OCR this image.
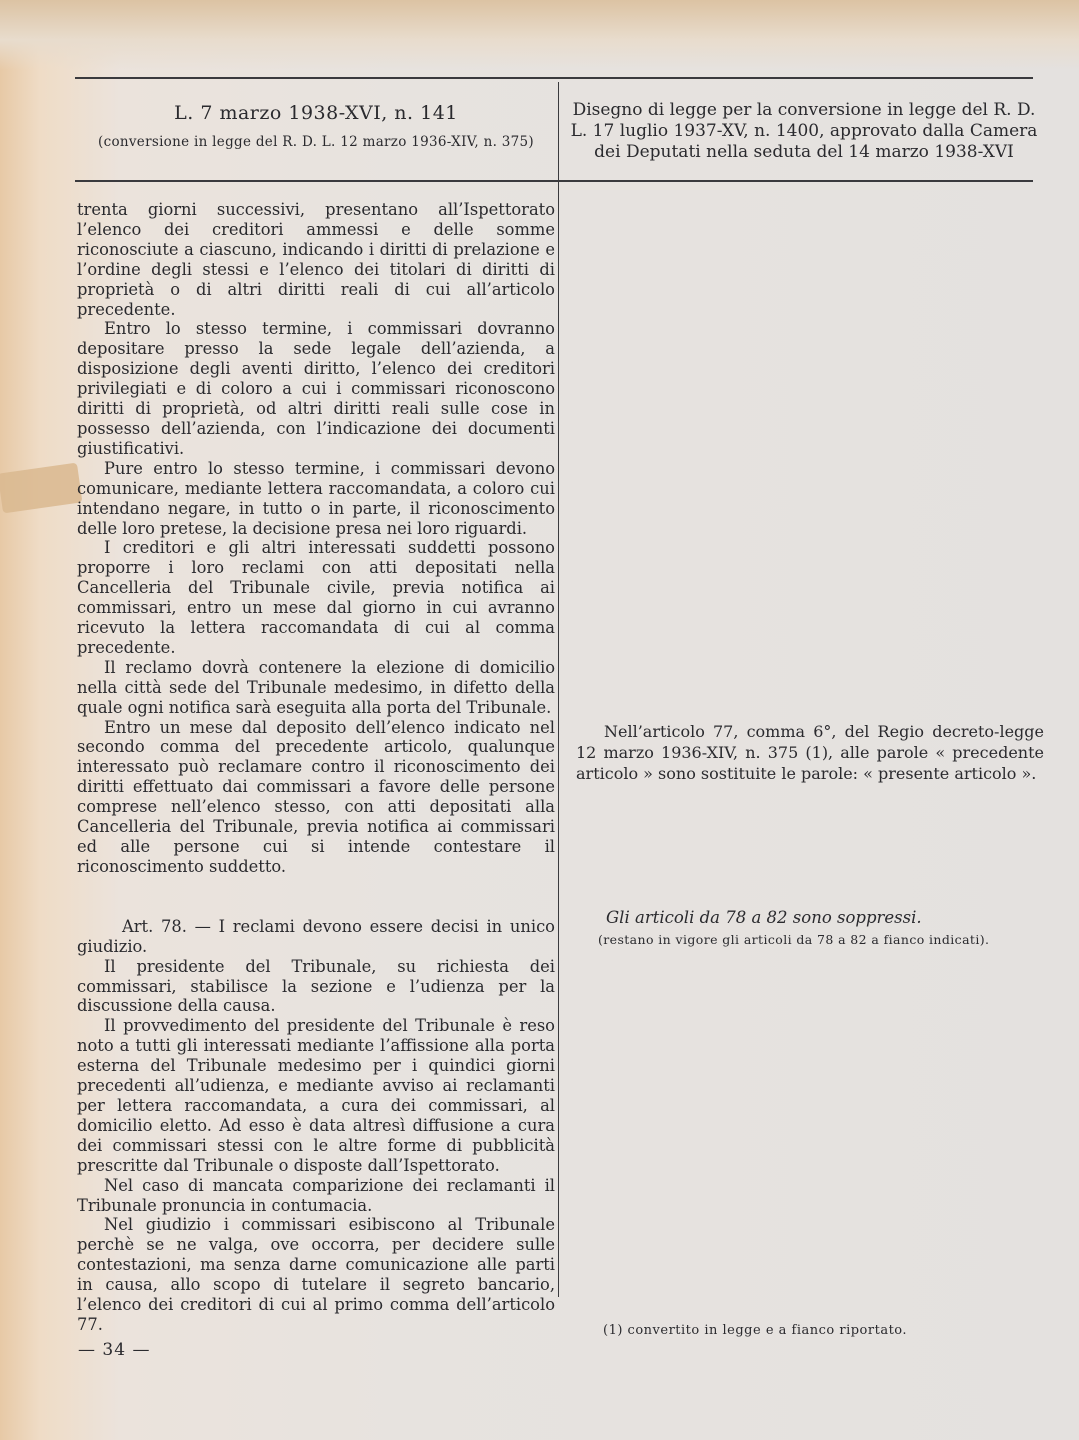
L. 7 marzo 1938-XVI, n. 141
(conversione in legge del R. D. L. 12 marzo 1936-XIV, n. 375)
Disegno di legge per la conversione in legge del R. D. L. 17 luglio 1937-XV, n. 1400, approvato dalla Camera dei Deputati nella seduta del 14 marzo 1938-XVI

trenta giorni successivi, presentano all’Ispettorato l’elenco dei creditori ammessi e delle somme riconosciute a ciascuno, indicando i diritti di prelazione e l’ordine degli stessi e l’elenco dei titolari di diritti di proprietà o di altri diritti reali di cui all’articolo precedente.

Entro lo stesso termine, i commissari dovranno depositare presso la sede legale dell’azienda, a disposizione degli aventi diritto, l’elenco dei creditori privilegiati e di coloro a cui i commissari riconoscono diritti di proprietà, od altri diritti reali sulle cose in possesso dell’azienda, con l’indicazione dei documenti giustificativi.

Pure entro lo stesso termine, i commissari devono comunicare, mediante lettera raccomandata, a coloro cui intendano negare, in tutto o in parte, il riconoscimento delle loro pretese, la decisione presa nei loro riguardi.

I creditori e gli altri interessati suddetti possono proporre i loro reclami con atti depositati nella Cancelleria del Tribunale civile, previa notifica ai commissari, entro un mese dal giorno in cui avranno ricevuto la lettera raccomandata di cui al comma precedente.

Il reclamo dovrà contenere la elezione di domicilio nella città sede del Tribunale medesimo, in difetto della quale ogni notifica sarà eseguita alla porta del Tribunale.

Entro un mese dal deposito dell’elenco indicato nel secondo comma del precedente articolo, qualunque interessato può reclamare contro il riconoscimento dei diritti effettuato dai commissari a favore delle persone comprese nell’elenco stesso, con atti depositati alla Cancelleria del Tribunale, previa notifica ai commissari ed alle persone cui si intende contestare il riconoscimento suddetto.

Art. 78. — I reclami devono essere decisi in unico giudizio.

Il presidente del Tribunale, su richiesta dei commissari, stabilisce la sezione e l’udienza per la discussione della causa.

Il provvedimento del presidente del Tribunale è reso noto a tutti gli interessati mediante l’affissione alla porta esterna del Tribunale medesimo per i quindici giorni precedenti all’udienza, e mediante avviso ai reclamanti per lettera raccomandata, a cura dei commissari, al domicilio eletto. Ad esso è data altresì diffusione a cura dei commissari stessi con le altre forme di pubblicità prescritte dal Tribunale o disposte dall’Ispettorato.

Nel caso di mancata comparizione dei reclamanti il Tribunale pronuncia in contumacia.

Nel giudizio i commissari esibiscono al Tribunale perchè se ne valga, ove occorra, per decidere sulle contestazioni, ma senza darne comunicazione alle parti in causa, allo scopo di tutelare il segreto bancario, l’elenco dei creditori di cui al primo comma dell’articolo 77.

Nell’articolo 77, comma 6°, del Regio decreto-legge 12 marzo 1936-XIV, n. 375 (1), alle parole « precedente articolo » sono sostituite le parole: « presente articolo ».
Gli articoli da 78 a 82 sono soppressi.
(restano in vigore gli articoli da 78 a 82 a fianco indicati).
— 34 —
(1) convertito in legge e a fianco riportato.
